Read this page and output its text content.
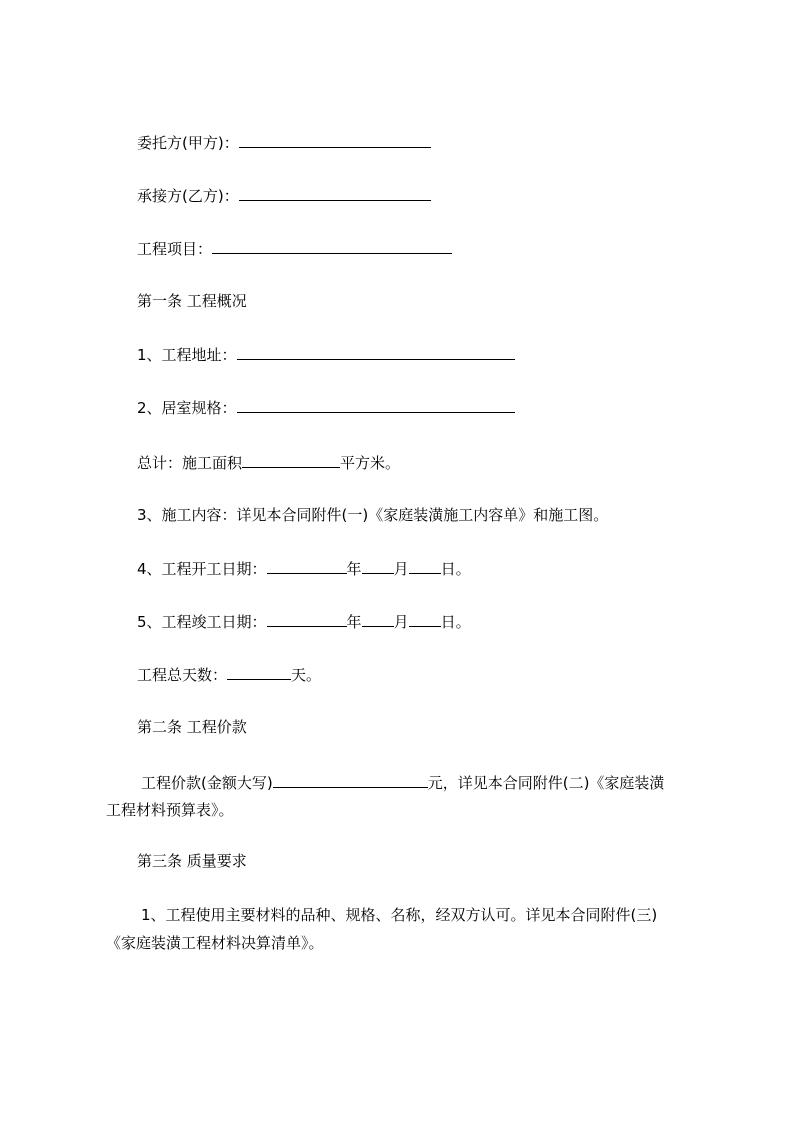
委托方(甲方)：
承接方(乙方)：
工程项目：
第一条 工程概况
1、工程地址：
2、居室规格：
总计：施工面积	平方米。
3、施工内容：详见本合同附件(一)《家庭装潢施工内容单》和施工图。
4、工程开工日期：	年 月 日。
5、工程竣工日期：	年 月 日。
工程总天数：	天。
第二条 工程价款
工程价款(金额大写)	元，详见本合同附件(二)《家庭装潢
工程材料预算表》。
第三条 质量要求
1、工程使用主要材料的品种、规格、名称，经双方认可。详见本合同附件(三)
《家庭装潢工程材料决算清单》。
